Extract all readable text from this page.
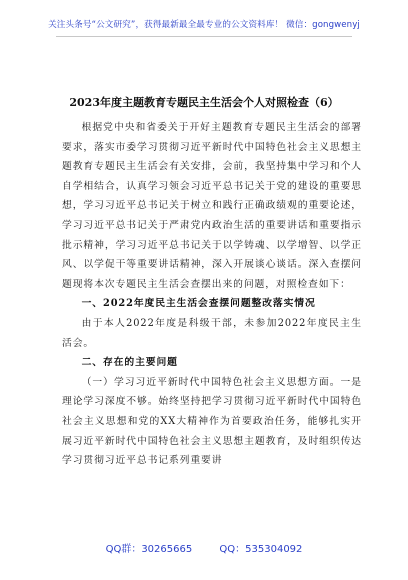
关注头条号“公文研究”，获得最新最全最专业的公文资料库！ 微信：gongwenyj
2023年度主题教育专题民主生活会个人对照检查（6）

根据党中央和省委关于开好主题教育专题民主生活会的部署要求，落实市委学习贯彻习近平新时代中国特色社会主义思想主题教育专题民主生活会有关安排，会前，我坚持集中学习和个人自学相结合，认真学习领会习近平总书记关于党的建设的重要思想，学习习近平总书记关于树立和践行正确政绩观的重要论述，学习习近平总书记关于严肃党内政治生活的重要讲话和重要指示批示精神，学习习近平总书记关于以学铸魂、以学增智、以学正风、以学促干等重要讲话精神，深入开展谈心谈话。深入查摆问题现将本次专题民主生活会查摆出来的问题，对照检查如下：

一、2022年度民主生活会查摆问题整改落实情况

由于本人2022年度是科级干部，未参加2022年度民主生活会。

二、存在的主要问题

（一）学习习近平新时代中国特色社会主义思想方面。一是理论学习深度不够。始终坚持把学习贯彻习近平新时代中国特色社会主义思想和党的XX大精神作为首要政治任务，能够扎实开展习近平新时代中国特色社会主义思想主题教育，及时组织传达学习贯彻习近平总书记系列重要讲

QQ群：30265665	QQ：535304092
